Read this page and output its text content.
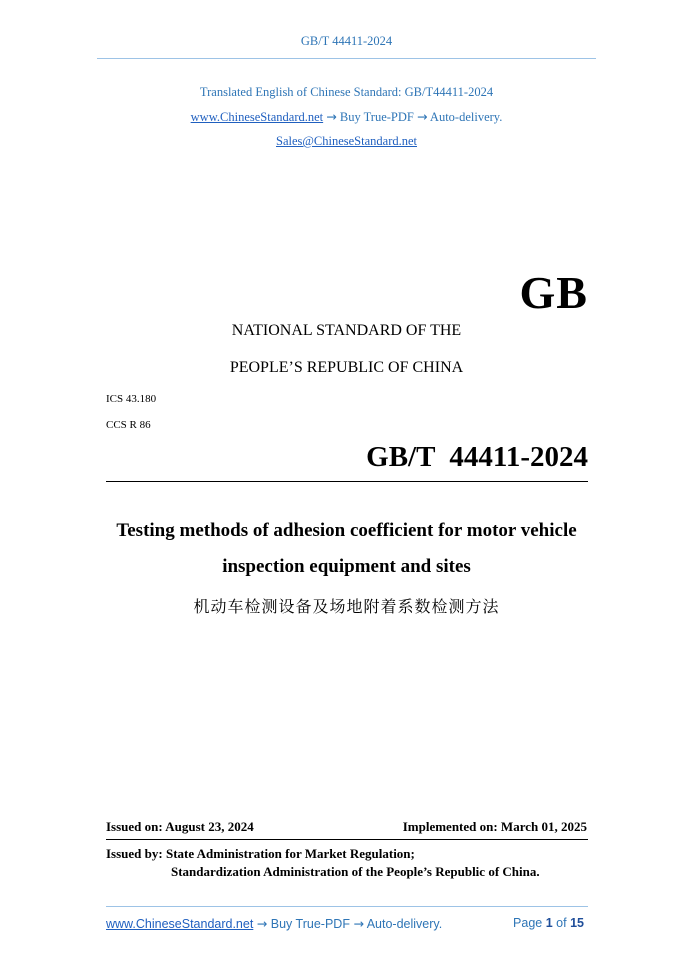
GB/T 44411-2024
Translated English of Chinese Standard: GB/T44411-2024
www.ChineseStandard.net → Buy True-PDF → Auto-delivery.
Sales@ChineseStandard.net
GB
NATIONAL STANDARD OF THE
PEOPLE’S REPUBLIC OF CHINA
ICS 43.180
CCS R 86
GB/T  44411-2024
Testing methods of adhesion coefficient for motor vehicle
inspection equipment and sites
机动车检测设备及场地附着系数检测方法
Issued on: August 23, 2024	Implemented on: March 01, 2025
Issued by: State Administration for Market Regulation;
Standardization Administration of the People’s Republic of China.
www.ChineseStandard.net → Buy True-PDF → Auto-delivery.	Page 1 of 15
